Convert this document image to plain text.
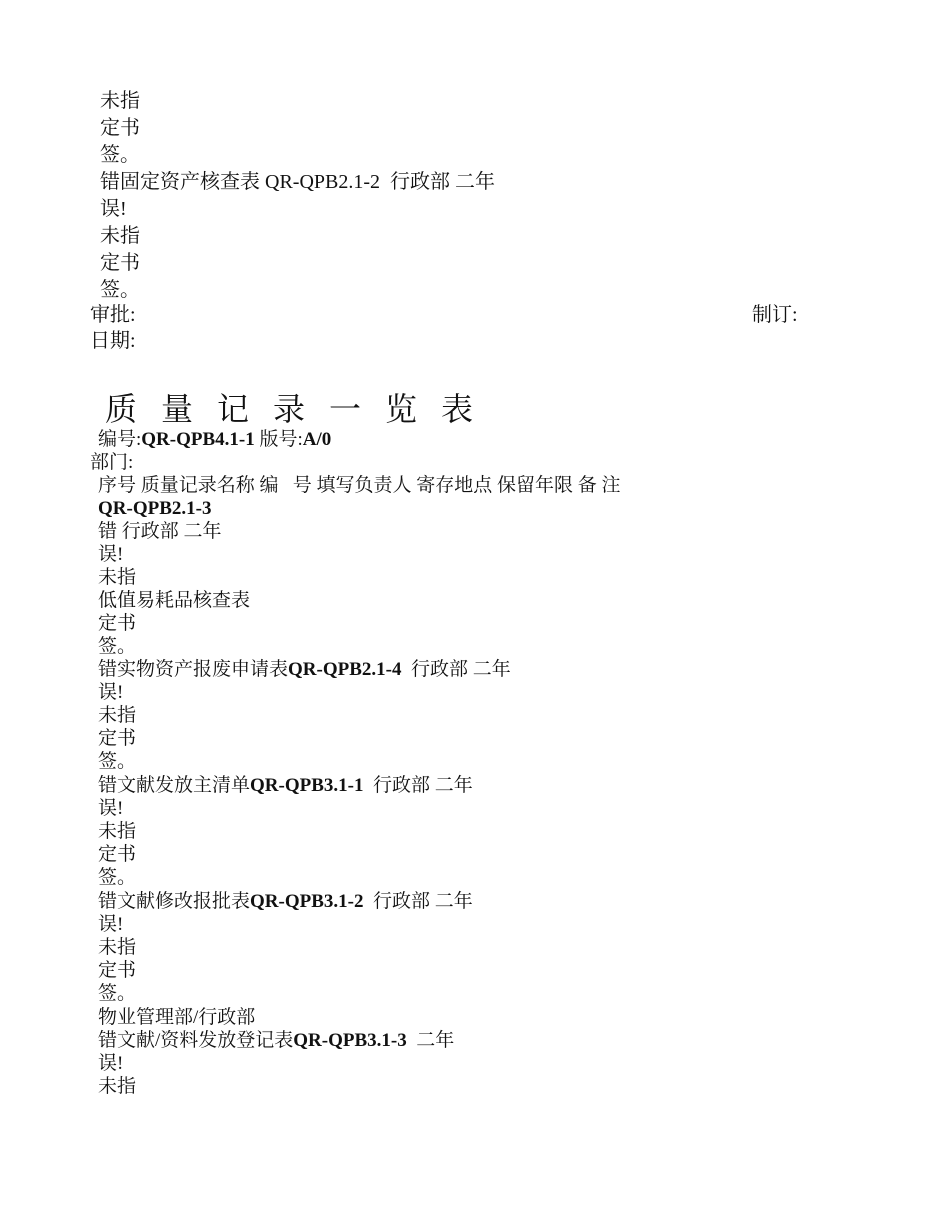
未指
定书
签。
错固定资产核查表 QR-QPB2.1-2  行政部 二年
误!
未指
定书
签。
审批:	制订:
日期:
质量记录一览表
编号:QR-QPB4.1-1 版号:A/0
部门:
序号 质量记录名称 编   号 填写负责人 寄存地点 保留年限 备 注
QR-QPB2.1-3
错 行政部 二年
误!
未指
低值易耗品核查表
定书
签。
错实物资产报废申请表QR-QPB2.1-4  行政部 二年
误!
未指
定书
签。
错文献发放主清单QR-QPB3.1-1  行政部 二年
误!
未指
定书
签。
错文献修改报批表QR-QPB3.1-2  行政部 二年
误!
未指
定书
签。
物业管理部/行政部
错文献/资料发放登记表QR-QPB3.1-3  二年
误!
未指
